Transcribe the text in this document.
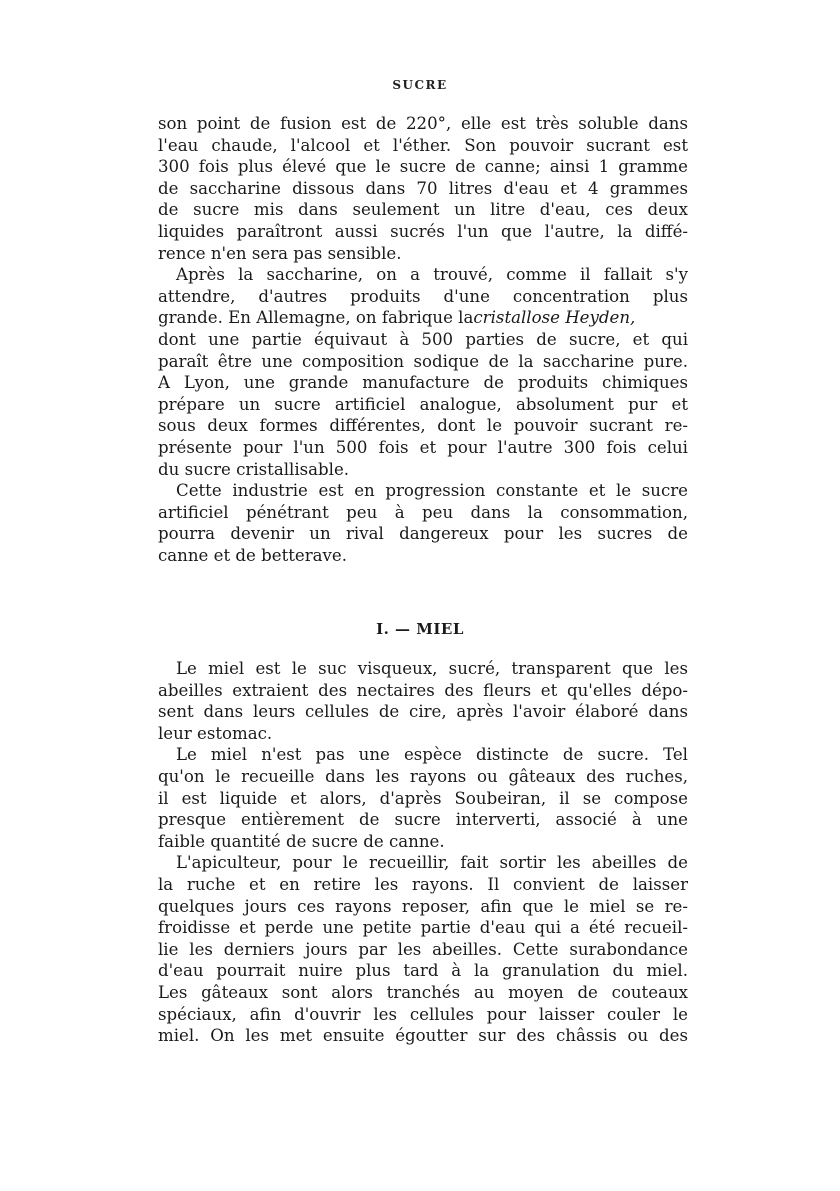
SUCRE
son point de fusion est de 220°, elle est très soluble dans
l'eau chaude, l'alcool et l'éther. Son pouvoir sucrant est
300 fois plus élevé que le sucre de canne; ainsi 1 gramme
de saccharine dissous dans 70 litres d'eau et 4 grammes
de sucre mis dans seulement un litre d'eau, ces deux
liquides paraîtront aussi sucrés l'un que l'autre, la diffé-
rence n'en sera pas sensible.
Après la saccharine, on a trouvé, comme il fallait s'y
attendre, d'autres produits d'une concentration plus
grande. En Allemagne, on fabrique lacristallose Heyden,
dont une partie équivaut à 500 parties de sucre, et qui
paraît être une composition sodique de la saccharine pure.
A Lyon, une grande manufacture de produits chimiques
prépare un sucre artificiel analogue, absolument pur et
sous deux formes différentes, dont le pouvoir sucrant re-
présente pour l'un 500 fois et pour l'autre 300 fois celui
du sucre cristallisable.
Cette industrie est en progression constante et le sucre
artificiel pénétrant peu à peu dans la consommation,
pourra devenir un rival dangereux pour les sucres de
canne et de betterave.
I. — MIEL
Le miel est le suc visqueux, sucré, transparent que les
abeilles extraient des nectaires des fleurs et qu'elles dépo-
sent dans leurs cellules de cire, après l'avoir élaboré dans
leur estomac.
Le miel n'est pas une espèce distincte de sucre. Tel
qu'on le recueille dans les rayons ou gâteaux des ruches,
il est liquide et alors, d'après Soubeiran, il se compose
presque entièrement de sucre interverti, associé à une
faible quantité de sucre de canne.
L'apiculteur, pour le recueillir, fait sortir les abeilles de
la ruche et en retire les rayons. Il convient de laisser
quelques jours ces rayons reposer, afin que le miel se re-
froidisse et perde une petite partie d'eau qui a été recueil-
lie les derniers jours par les abeilles. Cette surabondance
d'eau pourrait nuire plus tard à la granulation du miel.
Les gâteaux sont alors tranchés au moyen de couteaux
spéciaux, afin d'ouvrir les cellules pour laisser couler le
miel. On les met ensuite égoutter sur des châssis ou des
